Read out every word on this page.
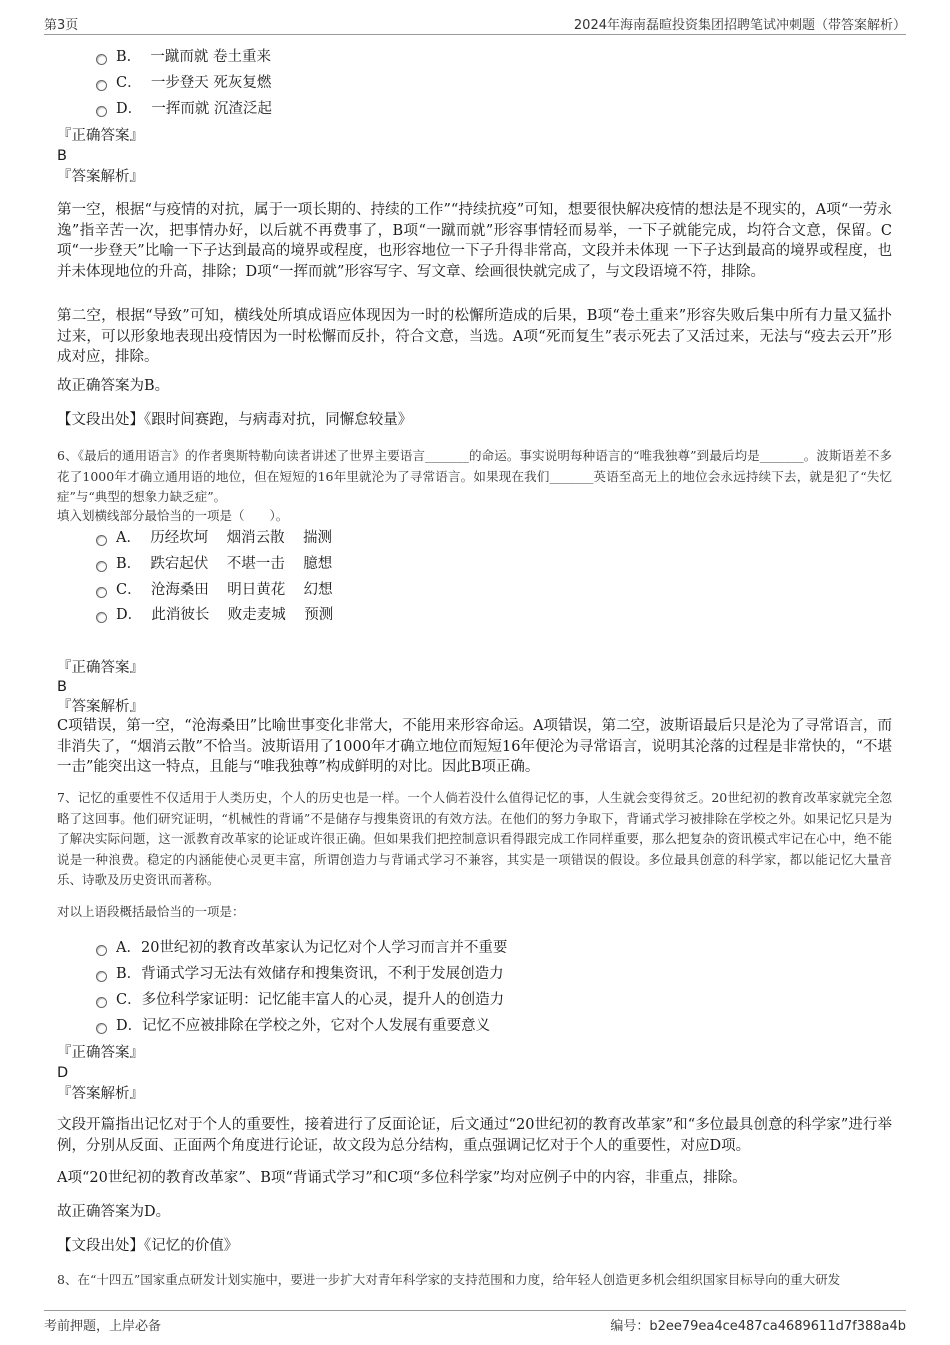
第3页	2024年海南磊暄投资集团招聘笔试冲刺题（带答案解析）
B．  一蹴而就 卷土重来
C．  一步登天 死灰复燃
D．  一挥而就 沉渣泛起
『正确答案』
B
『答案解析』
第一空，根据“与疫情的对抗，属于一项长期的、持续的工作”“持续抗疫”可知，想要很快解决疫情的想法是不现实的，A项“一劳永逸”指辛苦一次，把事情办好，以后就不再费事了，B项“一蹴而就”形容事情轻而易举，一下子就能完成，均符合文意，保留。C项“一步登天”比喻一下子达到最高的境界或程度，也形容地位一下子升得非常高，文段并未体现 一下子达到最高的境界或程度，也并未体现地位的升高，排除；D项“一挥而就”形容写字、写文章、绘画很快就完成了，与文段语境不符，排除。
第二空，根据“导致”可知，横线处所填成语应体现因为一时的松懈所造成的后果，B项“卷土重来”形容失败后集中所有力量又猛扑过来，可以形象地表现出疫情因为一时松懈而反扑，符合文意，当选。A项“死而复生”表示死去了又活过来，无法与“疫去云开”形成对应，排除。
故正确答案为B。
【文段出处】《跟时间赛跑，与病毒对抗，同懈怠较量》
6、《最后的通用语言》的作者奥斯特勒向读者讲述了世界主要语言_______的命运。事实说明每种语言的“唯我独尊”到最后均是_______。波斯语差不多花了1000年才确立通用语的地位，但在短短的16年里就沦为了寻常语言。如果现在我们_______英语至高无上的地位会永远持续下去，就是犯了“失忆症”与“典型的想象力缺乏症”。
填入划横线部分最恰当的一项是（　　）。
A．  历经坎坷    烟消云散    揣测
B．  跌宕起伏    不堪一击    臆想
C．  沧海桑田    明日黄花    幻想
D．  此消彼长    败走麦城    预测
『正确答案』
B
『答案解析』
C项错误，第一空，“沧海桑田”比喻世事变化非常大，不能用来形容命运。A项错误，第二空，波斯语最后只是沦为了寻常语言，而非消失了，“烟消云散”不恰当。波斯语用了1000年才确立地位而短短16年便沦为寻常语言，说明其沦落的过程是非常快的，“不堪一击”能突出这一特点，且能与“唯我独尊”构成鲜明的对比。因此B项正确。
7、记忆的重要性不仅适用于人类历史，个人的历史也是一样。一个人倘若没什么值得记忆的事，人生就会变得贫乏。20世纪初的教育改革家就完全忽略了这回事。他们研究证明，“机械性的背诵”不是储存与搜集资讯的有效方法。在他们的努力争取下，背诵式学习被排除在学校之外。如果记忆只是为了解决实际问题，这一派教育改革家的论证或许很正确。但如果我们把控制意识看得跟完成工作同样重要，那么把复杂的资讯模式牢记在心中，绝不能说是一种浪费。稳定的内涵能使心灵更丰富，所谓创造力与背诵式学习不兼容，其实是一项错误的假设。多位最具创意的科学家，都以能记忆大量音乐、诗歌及历史资讯而著称。
对以上语段概括最恰当的一项是：
A．20世纪初的教育改革家认为记忆对个人学习而言并不重要
B．背诵式学习无法有效储存和搜集资讯，不利于发展创造力
C．多位科学家证明：记忆能丰富人的心灵，提升人的创造力
D．记忆不应被排除在学校之外，它对个人发展有重要意义
『正确答案』
D
『答案解析』
文段开篇指出记忆对于个人的重要性，接着进行了反面论证，后文通过“20世纪初的教育改革家”和“多位最具创意的科学家”进行举例，分别从反面、正面两个角度进行论证，故文段为总分结构，重点强调记忆对于个人的重要性，对应D项。
A项“20世纪初的教育改革家”、B项“背诵式学习”和C项“多位科学家”均对应例子中的内容，非重点，排除。
故正确答案为D。
【文段出处】《记忆的价值》
8、在“十四五”国家重点研发计划实施中，要进一步扩大对青年科学家的支持范围和力度，给年轻人创造更多机会组织国家目标导向的重大研发
考前押题，上岸必备	编号：b2ee79ea4ce487ca4689611d7f388a4b
